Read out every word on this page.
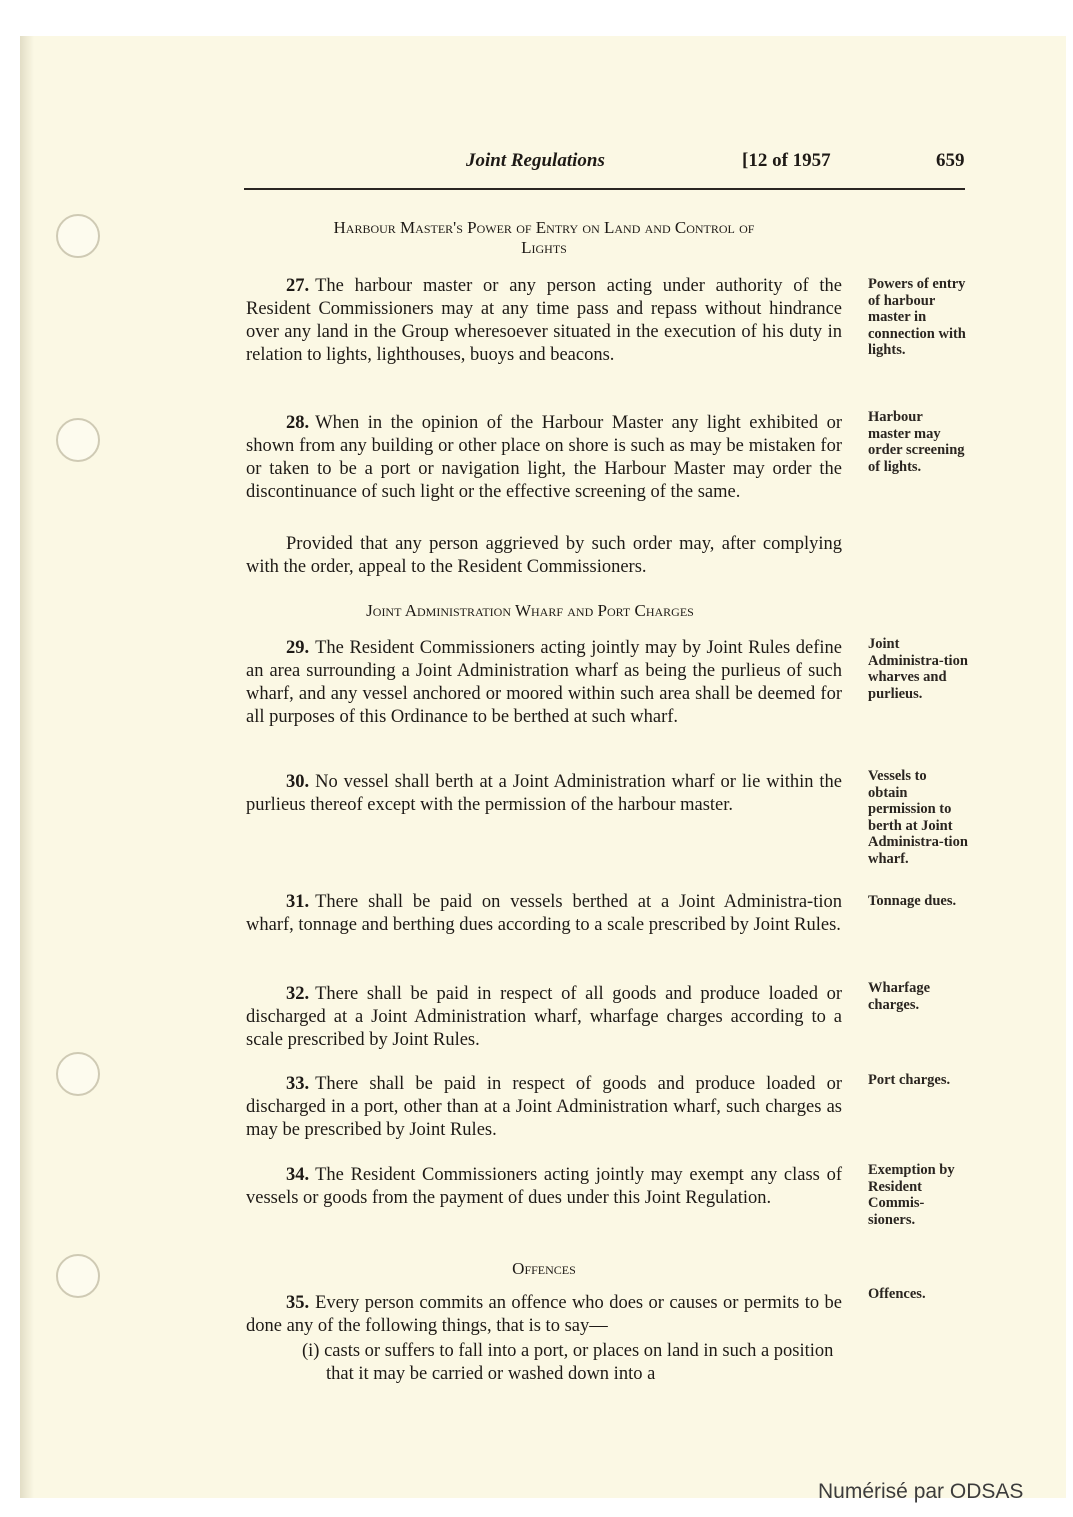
Joint Regulations	[12 of 1957	659
Harbour Master's Power of Entry on Land and Control of
Lights

27. The harbour master or any person acting under authority of the Resident Commissioners may at any time pass and repass without hindrance over any land in the Group wheresoever situated in the execution of his duty in relation to lights, lighthouses, buoys and beacons.

Powers of entry of harbour master in connection with lights.

28. When in the opinion of the Harbour Master any light exhibited or shown from any building or other place on shore is such as may be mistaken for or taken to be a port or navigation light, the Harbour Master may order the discontinuance of such light or the effective screening of the same.

Harbour master may order screening of lights.

Provided that any person aggrieved by such order may, after complying with the order, appeal to the Resident Commissioners.

Joint Administration Wharf and Port Charges

29. The Resident Commissioners acting jointly may by Joint Rules define an area surrounding a Joint Administration wharf as being the purlieus of such wharf, and any vessel anchored or moored within such area shall be deemed for all purposes of this Ordinance to be berthed at such wharf.

Joint Administra-tion wharves and purlieus.

30. No vessel shall berth at a Joint Administration wharf or lie within the purlieus thereof except with the permission of the harbour master.

Vessels to obtain permission to berth at Joint Administra-tion wharf.

31. There shall be paid on vessels berthed at a Joint Administra-tion wharf, tonnage and berthing dues according to a scale prescribed by Joint Rules.

Tonnage dues.

32. There shall be paid in respect of all goods and produce loaded or discharged at a Joint Administration wharf, wharfage charges according to a scale prescribed by Joint Rules.

Wharfage charges.

33. There shall be paid in respect of goods and produce loaded or discharged in a port, other than at a Joint Administration wharf, such charges as may be prescribed by Joint Rules.

Port charges.

34. The Resident Commissioners acting jointly may exempt any class of vessels or goods from the payment of dues under this Joint Regulation.

Exemption by Resident Commis-sioners.
Offences

35. Every person commits an offence who does or causes or permits to be done any of the following things, that is to say—

Offences.
(i) casts or suffers to fall into a port, or places on land in such a position that it may be carried or washed down into a
Numérisé par ODSAS
